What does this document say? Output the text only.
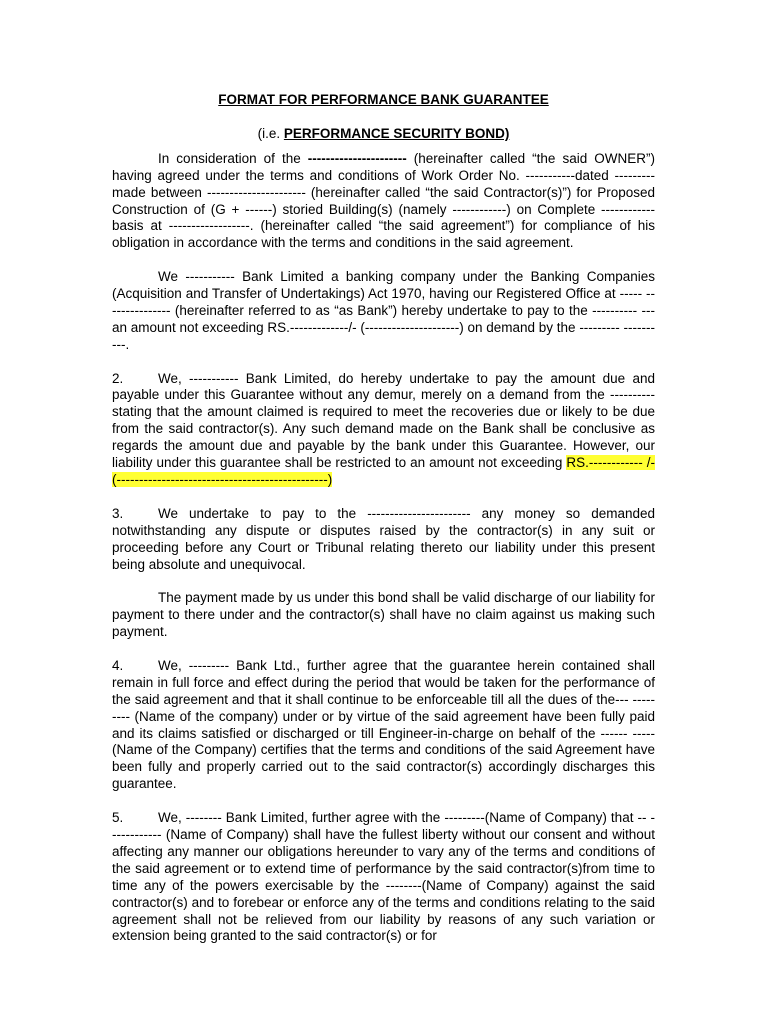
FORMAT FOR PERFORMANCE BANK GUARANTEE
(i.e. PERFORMANCE SECURITY BOND)

In consideration of the ---------------------- (hereinafter called “the said OWNER”) having agreed under the terms and conditions of Work Order No. -----------dated --------- made between ---------------------- (hereinafter called “the said Contractor(s)”) for Proposed Construction of (G + ------) storied Building(s) (namely ------------) on Complete ------------ basis at ------------------. (hereinafter called “the said agreement”) for compliance of his obligation in accordance with the terms and conditions in the said agreement.

We ----------- Bank Limited a banking company under the Banking Companies (Acquisition and Transfer of Undertakings) Act 1970, having our Registered Office at ----- --------------- (hereinafter referred to as “as Bank”) hereby undertake to pay to the ---------- --- an amount not exceeding RS.-------------/- (---------------------) on demand by the --------- ----------.

2.	We, ----------- Bank Limited, do hereby undertake to pay the amount due and payable under this Guarantee without any demur, merely on a demand from the ---------- stating that the amount claimed is required to meet the recoveries due or likely to be due from the said contractor(s). Any such demand made on the Bank shall be conclusive as regards the amount due and payable by the bank under this Guarantee. However, our liability under this guarantee shall be restricted to an amount not exceeding RS.------------ /- (-----------------------------------------------)

3.	We undertake to pay to the ----------------------- any money so demanded notwithstanding any dispute or disputes raised by the contractor(s) in any suit or proceeding before any Court or Tribunal relating thereto our liability under this present being absolute and unequivocal.

The payment made by us under this bond shall be valid discharge of our liability for payment to there under and the contractor(s) shall have no claim against us making such payment.

4.	We, --------- Bank Ltd., further agree that the guarantee herein contained shall remain in full force and effect during the period that would be taken for the performance of the said agreement and that it shall continue to be enforceable till all the dues of the--- --------- (Name of the company) under or by virtue of the said agreement have been fully paid and its claims satisfied or discharged or till Engineer-in-charge on behalf of the ------ -----(Name of the Company) certifies that the terms and conditions of the said Agreement have been fully and properly carried out to the said contractor(s) accordingly discharges this guarantee.

5.	We, -------- Bank Limited, further agree with the ---------(Name of Company) that -- ------------ (Name of Company) shall have the fullest liberty without our consent and without affecting any manner our obligations hereunder to vary any of the terms and conditions of the said agreement or to extend time of performance by the said contractor(s)from time to time any of the powers exercisable by the --------(Name of Company) against the said contractor(s) and to forebear or enforce any of the terms and conditions relating to the said agreement shall not be relieved from our liability by reasons of any such variation or extension being granted to the said contractor(s) or for
